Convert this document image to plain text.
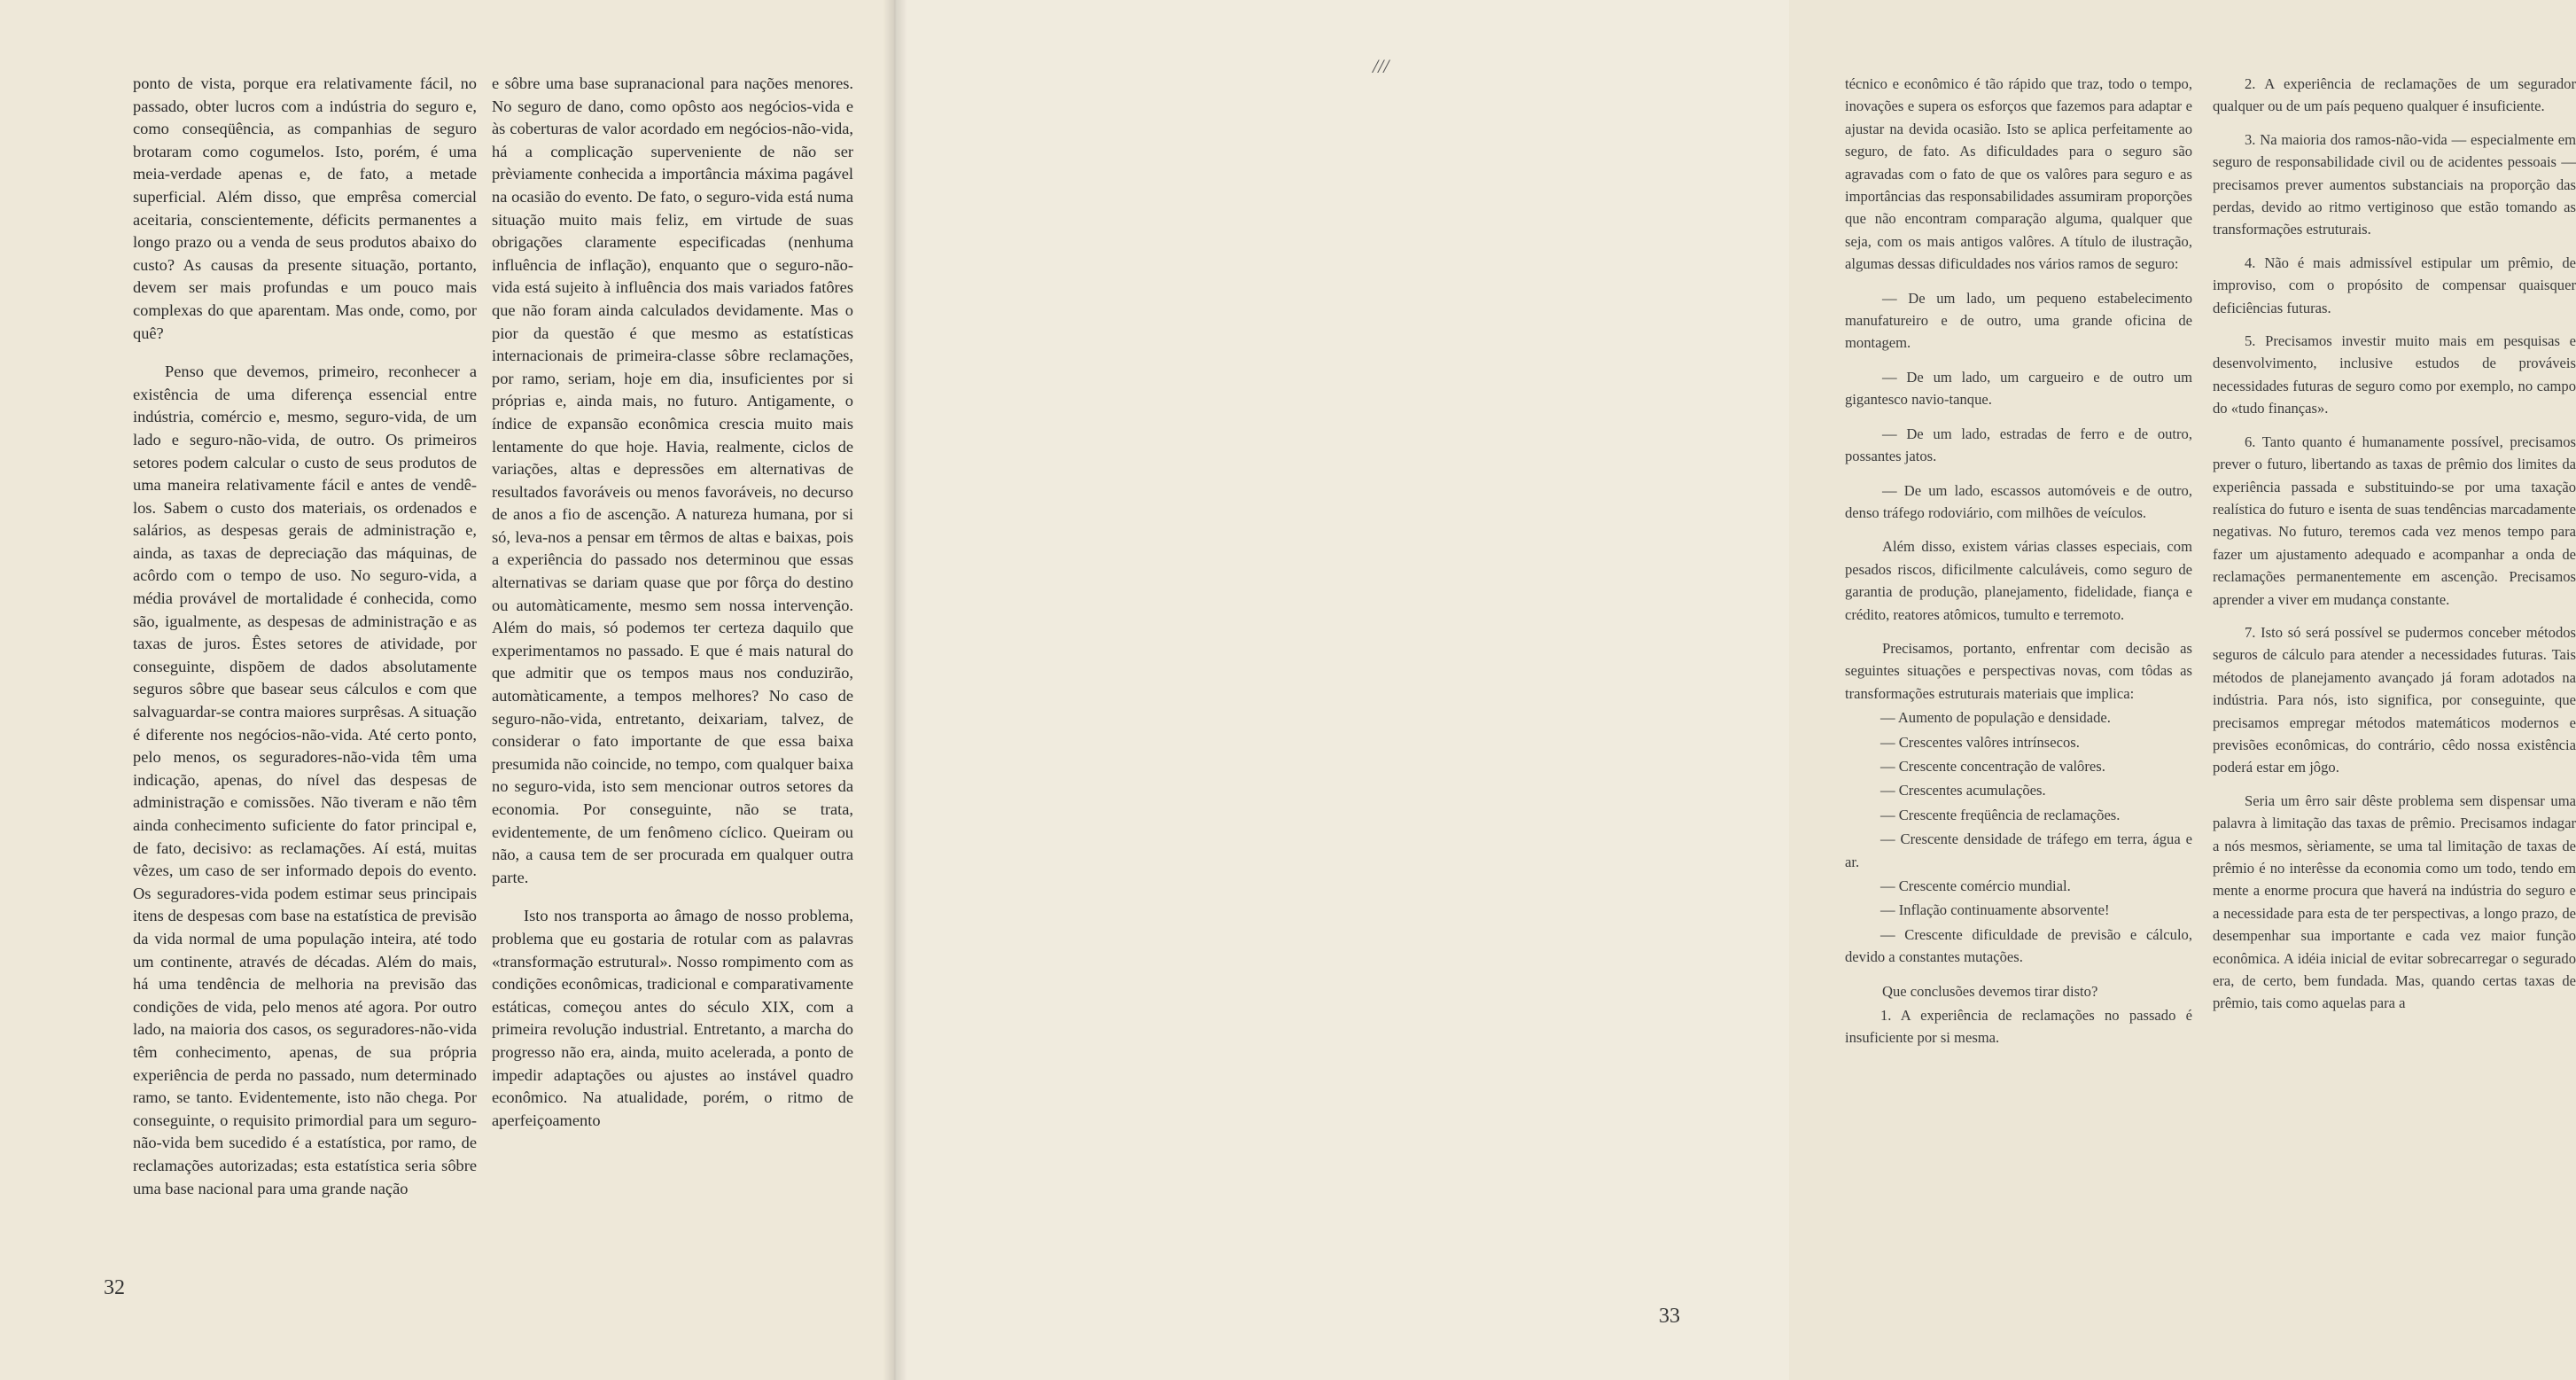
ponto de vista, porque era relativamente fácil, no passado, obter lucros com a indústria do seguro e, como conseqüência, as companhias de seguro brotaram como cogumelos. Isto, porém, é uma meia-verdade apenas e, de fato, a metade superficial. Além disso, que emprêsa comercial aceitaria, conscientemente, déficits permanentes a longo prazo ou a venda de seus produtos abaixo do custo? As causas da presente situação, portanto, devem ser mais profundas e um pouco mais complexas do que aparentam. Mas onde, como, por quê?

Penso que devemos, primeiro, reconhecer a existência de uma diferença essencial entre indústria, comércio e, mesmo, seguro-vida, de um lado e seguro-não-vida, de outro. Os primeiros setores podem calcular o custo de seus produtos de uma maneira relativamente fácil e antes de vendê-los. Sabem o custo dos materiais, os ordenados e salários, as despesas gerais de administração e, ainda, as taxas de depreciação das máquinas, de acôrdo com o tempo de uso. No seguro-vida, a média provável de mortalidade é conhecida, como são, igualmente, as despesas de administração e as taxas de juros. Êstes setores de atividade, por conseguinte, dispõem de dados absolutamente seguros sôbre que basear seus cálculos e com que salvaguardar-se contra maiores surprêsas. A situação é diferente nos negócios-não-vida. Até certo ponto, pelo menos, os seguradores-não-vida têm uma indicação, apenas, do nível das despesas de administração e comissões. Não tiveram e não têm ainda conhecimento suficiente do fator principal e, de fato, decisivo: as reclamações. Aí está, muitas vêzes, um caso de ser informado depois do evento. Os seguradores-vida podem estimar seus principais itens de despesas com base na estatística de previsão da vida normal de uma população inteira, até todo um continente, através de décadas. Além do mais, há uma tendência de melhoria na previsão das condições de vida, pelo menos até agora. Por outro lado, na maioria dos casos, os seguradores-não-vida têm conhecimento, apenas, de sua própria experiência de perda no passado, num determinado ramo, se tanto. Evidentemente, isto não chega. Por conseguinte, o requisito primordial para um seguro-não-vida bem sucedido é a estatística, por ramo, de reclamações autorizadas; esta estatística seria sôbre uma base nacional para uma grande nação

e sôbre uma base supranacional para nações menores. No seguro de dano, como opôsto aos negócios-vida e às coberturas de valor acordado em negócios-não-vida, há a complicação superveniente de não ser prèviamente conhecida a importância máxima pagável na ocasião do evento. De fato, o seguro-vida está numa situação muito mais feliz, em virtude de suas obrigações claramente especificadas (nenhuma influência de inflação), enquanto que o seguro-não-vida está sujeito à influência dos mais variados fatôres que não foram ainda calculados devidamente. Mas o pior da questão é que mesmo as estatísticas internacionais de primeira-classe sôbre reclamações, por ramo, seriam, hoje em dia, insuficientes por si próprias e, ainda mais, no futuro. Antigamente, o índice de expansão econômica crescia muito mais lentamente do que hoje. Havia, realmente, ciclos de variações, altas e depressões em alternativas de resultados favoráveis ou menos favoráveis, no decurso de anos a fio de ascenção. A natureza humana, por si só, leva-nos a pensar em têrmos de altas e baixas, pois a experiência do passado nos determinou que essas alternativas se dariam quase que por fôrça do destino ou automàticamente, mesmo sem nossa intervenção. Além do mais, só podemos ter certeza daquilo que experimentamos no passado. E que é mais natural do que admitir que os tempos maus nos conduzirão, automàticamente, a tempos melhores? No caso de seguro-não-vida, entretanto, deixariam, talvez, de considerar o fato importante de que essa baixa presumida não coincide, no tempo, com qualquer baixa no seguro-vida, isto sem mencionar outros setores da economia. Por conseguinte, não se trata, evidentemente, de um fenômeno cíclico. Queiram ou não, a causa tem de ser procurada em qualquer outra parte.

Isto nos transporta ao âmago de nosso problema, problema que eu gostaria de rotular com as palavras «transformação estrutural». Nosso rompimento com as condições econômicas, tradicional e comparativamente estáticas, começou antes do século XIX, com a primeira revolução industrial. Entretanto, a marcha do progresso não era, ainda, muito acelerada, a ponto de impedir adaptações ou ajustes ao instável quadro econômico. Na atualidade, porém, o ritmo de aperfeiçoamento

32

técnico e econômico é tão rápido que traz, todo o tempo, inovações e supera os esforços que fazemos para adaptar e ajustar na devida ocasião. Isto se aplica perfeitamente ao seguro, de fato. As dificuldades para o seguro são agravadas com o fato de que os valôres para seguro e as importâncias das responsabilidades assumiram proporções que não encontram comparação alguma, qualquer que seja, com os mais antigos valôres. A título de ilustração, algumas dessas dificuldades nos vários ramos de seguro:

— De um lado, um pequeno estabelecimento manufatureiro e de outro, uma grande oficina de montagem.

— De um lado, um cargueiro e de outro um gigantesco navio-tanque.

— De um lado, estradas de ferro e de outro, possantes jatos.

— De um lado, escassos automóveis e de outro, denso tráfego rodoviário, com milhões de veículos.

Além disso, existem várias classes especiais, com pesados riscos, dificilmente calculáveis, como seguro de garantia de produção, planejamento, fidelidade, fiança e crédito, reatores atômicos, tumulto e terremoto.

Precisamos, portanto, enfrentar com decisão as seguintes situações e perspectivas novas, com tôdas as transformações estruturais materiais que implica:

— Aumento de população e densidade.

— Crescentes valôres intrínsecos.

— Crescente concentração de valôres.

— Crescentes acumulações.

— Crescente freqüência de reclamações.

— Crescente densidade de tráfego em terra, água e ar.

— Crescente comércio mundial.

— Inflação continuamente absorvente!

— Crescente dificuldade de previsão e cálculo, devido a constantes mutações.

Que conclusões devemos tirar disto?

1. A experiência de reclamações no passado é insuficiente por si mesma.

2. A experiência de reclamações de um segurador qualquer ou de um país pequeno qualquer é insuficiente.

3. Na maioria dos ramos-não-vida — especialmente em seguro de responsabilidade civil ou de acidentes pessoais — precisamos prever aumentos substanciais na proporção das perdas, devido ao ritmo vertiginoso que estão tomando as transformações estruturais.

4. Não é mais admissível estipular um prêmio, de improviso, com o propósito de compensar quaisquer deficiências futuras.

5. Precisamos investir muito mais em pesquisas e desenvolvimento, inclusive estudos de prováveis necessidades futuras de seguro como por exemplo, no campo do «tudo finanças».

6. Tanto quanto é humanamente possível, precisamos prever o futuro, libertando as taxas de prêmio dos limites da experiência passada e substituindo-se por uma taxação realística do futuro e isenta de suas tendências marcadamente negativas. No futuro, teremos cada vez menos tempo para fazer um ajustamento adequado e acompanhar a onda de reclamações permanentemente em ascenção. Precisamos aprender a viver em mudança constante.

7. Isto só será possível se pudermos conceber métodos seguros de cálculo para atender a necessidades futuras. Tais métodos de planejamento avançado já foram adotados na indústria. Para nós, isto significa, por conseguinte, que precisamos empregar métodos matemáticos modernos e previsões econômicas, do contrário, cêdo nossa existência poderá estar em jôgo.

Seria um êrro sair dêste problema sem dispensar uma palavra à limitação das taxas de prêmio. Precisamos indagar a nós mesmos, sèriamente, se uma tal limitação de taxas de prêmio é no interêsse da economia como um todo, tendo em mente a enorme procura que haverá na indústria do seguro e a necessidade para esta de ter perspectivas, a longo prazo, de desempenhar sua importante e cada vez maior função econômica. A idéia inicial de evitar sobrecarregar o segurado era, de certo, bem fundada. Mas, quando certas taxas de prêmio, tais como aquelas para a

///
33
